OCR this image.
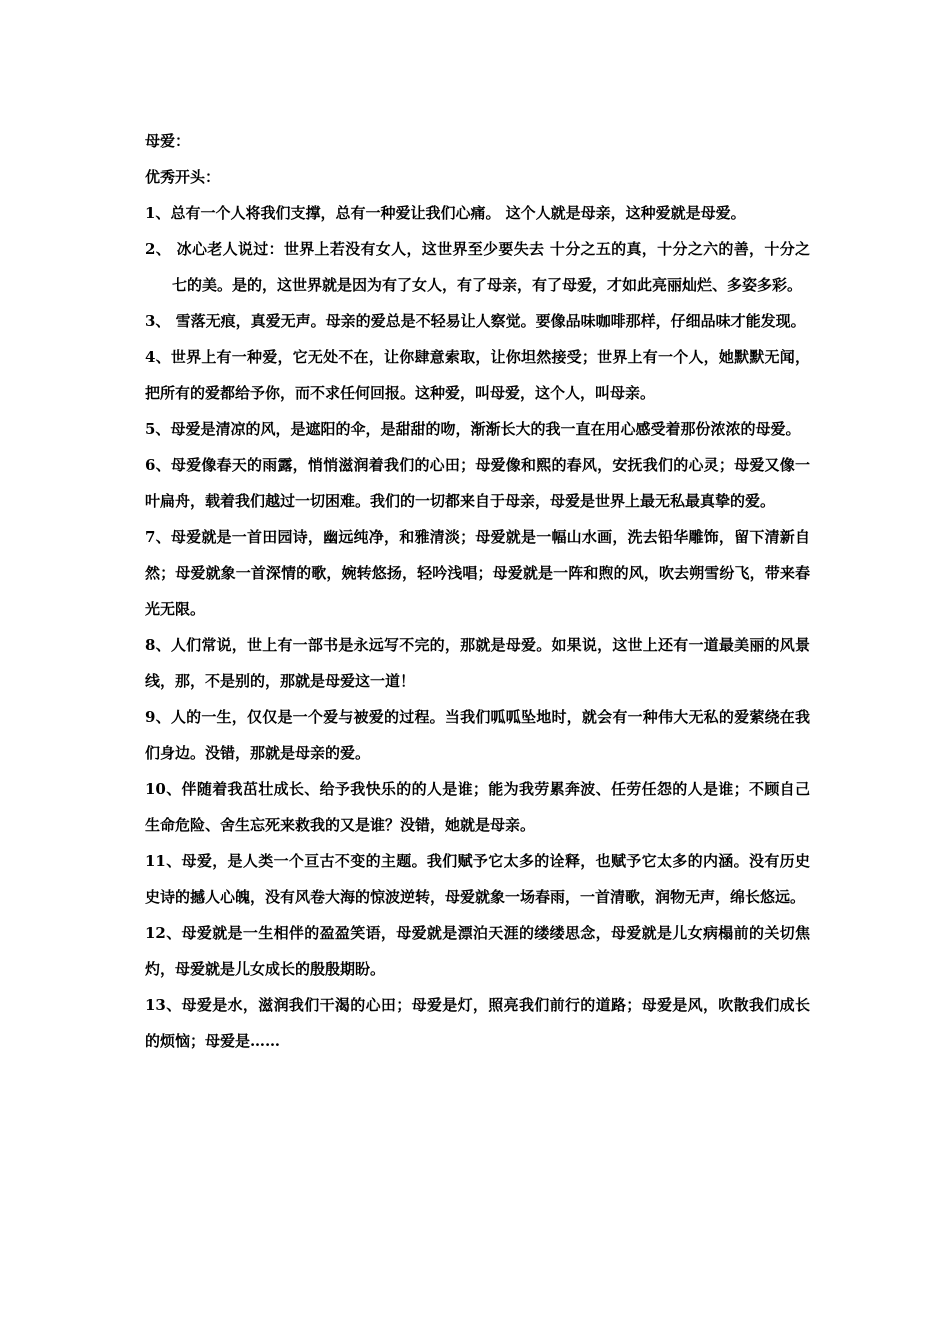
母爱：

优秀开头：

1、总有一个人将我们支撑，总有一种爱让我们心痛。 这个人就是母亲，这种爱就是母爱。

2、 冰心老人说过：世界上若没有女人，这世界至少要失去 十分之五的真，十分之六的善，十分之七的美。是的，这世界就是因为有了女人，有了母亲，有了母爱，才如此亮丽灿烂、多姿多彩。

3、 雪落无痕，真爱无声。母亲的爱总是不轻易让人察觉。要像品味咖啡那样，仔细品味才能发现。

4、世界上有一种爱，它无处不在，让你肆意索取，让你坦然接受；世界上有一个人，她默默无闻，把所有的爱都给予你，而不求任何回报。这种爱，叫母爱，这个人，叫母亲。

5、母爱是清凉的风，是遮阳的伞，是甜甜的吻，渐渐长大的我一直在用心感受着那份浓浓的母爱。

6、母爱像春天的雨露，悄悄滋润着我们的心田；母爱像和熙的春风，安抚我们的心灵；母爱又像一叶扁舟，载着我们越过一切困难。我们的一切都来自于母亲，母爱是世界上最无私最真挚的爱。

7、母爱就是一首田园诗，幽远纯净，和雅清淡；母爱就是一幅山水画，洗去铅华雕饰，留下清新自然；母爱就象一首深情的歌，婉转悠扬，轻吟浅唱；母爱就是一阵和煦的风，吹去朔雪纷飞，带来春光无限。

8、人们常说，世上有一部书是永远写不完的，那就是母爱。如果说，这世上还有一道最美丽的风景线，那，不是别的，那就是母爱这一道！

9、人的一生，仅仅是一个爱与被爱的过程。当我们呱呱坠地时，就会有一种伟大无私的爱萦绕在我们身边。没错，那就是母亲的爱。

10、伴随着我茁壮成长、给予我快乐的的人是谁；能为我劳累奔波、任劳任怨的人是谁；不顾自己生命危险、舍生忘死来救我的又是谁？没错，她就是母亲。

11、母爱，是人类一个亘古不变的主题。我们赋予它太多的诠释，也赋予它太多的内涵。没有历史史诗的撼人心魄，没有风卷大海的惊波逆转，母爱就象一场春雨，一首清歌，润物无声，绵长悠远。

12、母爱就是一生相伴的盈盈笑语，母爱就是漂泊天涯的缕缕思念，母爱就是儿女病榻前的关切焦灼，母爱就是儿女成长的殷殷期盼。

13、母爱是水，滋润我们干渴的心田；母爱是灯，照亮我们前行的道路；母爱是风，吹散我们成长的烦恼；母爱是……
